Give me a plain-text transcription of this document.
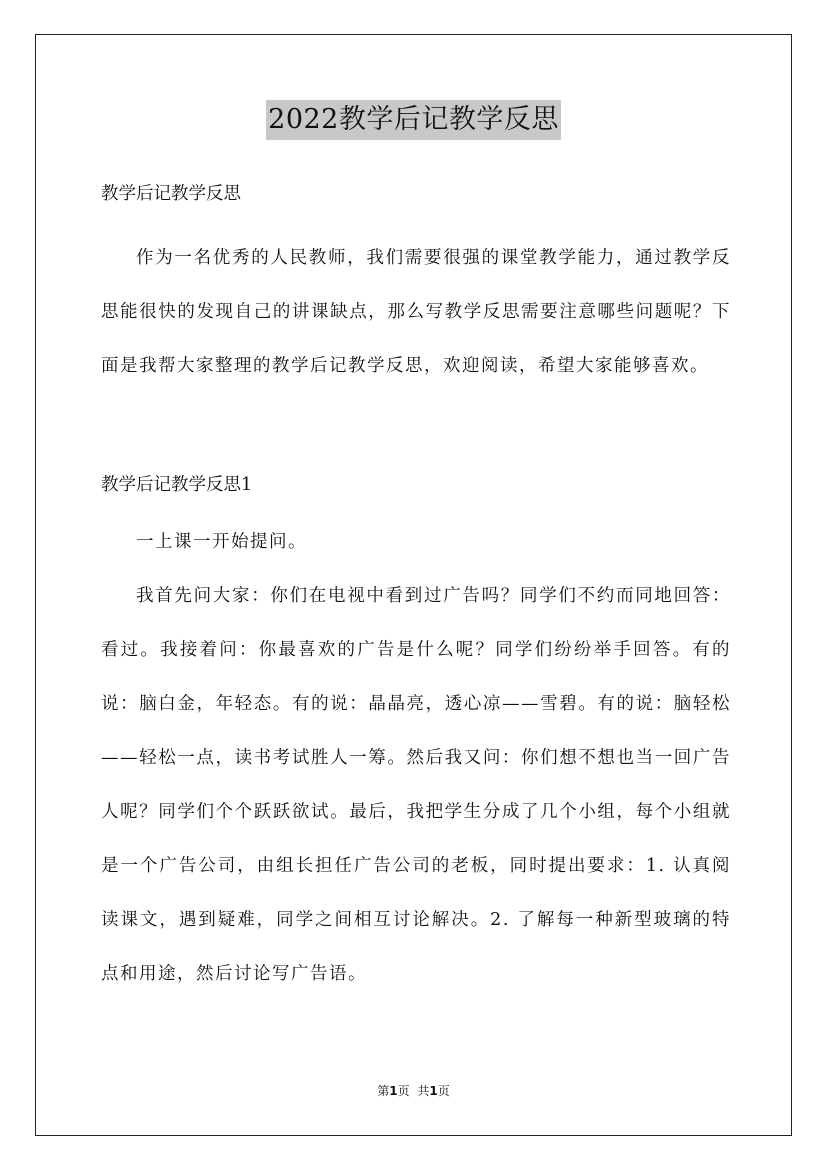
2022教学后记教学反思

教学后记教学反思

作为一名优秀的人民教师，我们需要很强的课堂教学能力，通过教学反思能很快的发现自己的讲课缺点，那么写教学反思需要注意哪些问题呢？下面是我帮大家整理的教学后记教学反思，欢迎阅读，希望大家能够喜欢。

教学后记教学反思1

一上课一开始提问。

我首先问大家：你们在电视中看到过广告吗？同学们不约而同地回答：看过。我接着问：你最喜欢的广告是什么呢？同学们纷纷举手回答。有的说：脑白金，年轻态。有的说：晶晶亮，透心凉——雪碧。有的说：脑轻松——轻松一点，读书考试胜人一筹。然后我又问：你们想不想也当一回广告人呢？同学们个个跃跃欲试。最后，我把学生分成了几个小组，每个小组就是一个广告公司，由组长担任广告公司的老板，同时提出要求：1. 认真阅读课文，遇到疑难，同学之间相互讨论解决。2. 了解每一种新型玻璃的特点和用途，然后讨论写广告语。

第1页 共1页
